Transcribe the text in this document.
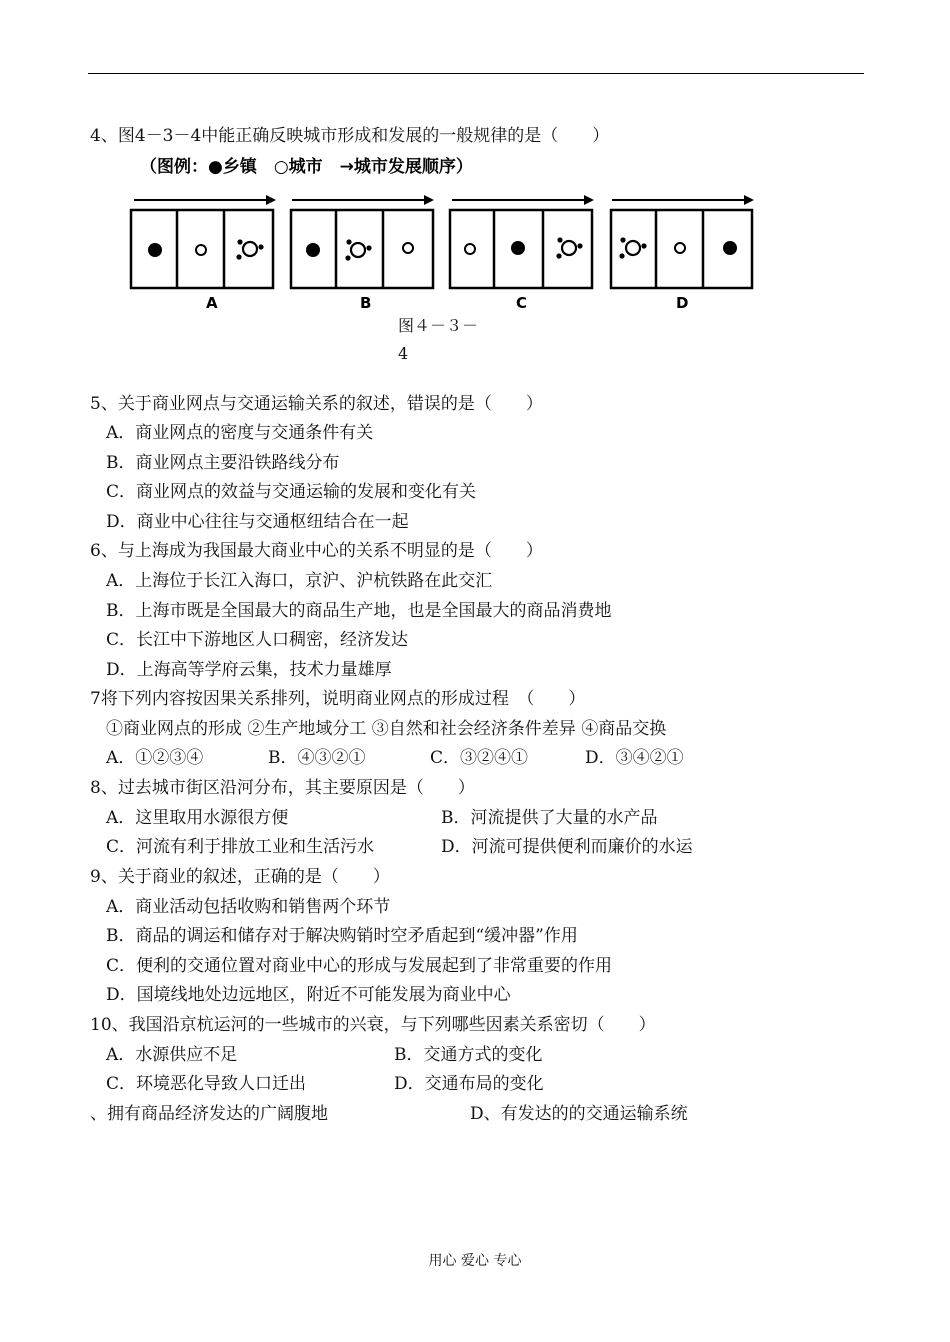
4、图4－3－4中能正确反映城市形成和发展的一般规律的是（　　）
（图例：●乡镇　○城市　→城市发展顺序）
A	B	C	D
图４－３－
4
5、关于商业网点与交通运输关系的叙述，错误的是（　　）
A．商业网点的密度与交通条件有关
B．商业网点主要沿铁路线分布
C．商业网点的效益与交通运输的发展和变化有关
D．商业中心往往与交通枢纽结合在一起
6、与上海成为我国最大商业中心的关系不明显的是（　　）
A．上海位于长江入海口，京沪、沪杭铁路在此交汇
B．上海市既是全国最大的商品生产地，也是全国最大的商品消费地
C．长江中下游地区人口稠密，经济发达
D．上海高等学府云集，技术力量雄厚
7将下列内容按因果关系排列，说明商业网点的形成过程　（　　）
①商业网点的形成 ②生产地域分工 ③自然和社会经济条件差异 ④商品交换
A．①②③④	B．④③②①	C．③②④①	D．③④②①
8、过去城市街区沿河分布，其主要原因是（　　）
A．这里取用水源很方便	B．河流提供了大量的水产品
C．河流有利于排放工业和生活污水	D．河流可提供便利而廉价的水运
9、关于商业的叙述，正确的是（　　）
A．商业活动包括收购和销售两个环节
B．商品的调运和储存对于解决购销时空矛盾起到“缓冲器”作用
C．便利的交通位置对商业中心的形成与发展起到了非常重要的作用
D．国境线地处边远地区，附近不可能发展为商业中心
10、我国沿京杭运河的一些城市的兴衰，与下列哪些因素关系密切（　　）
A．水源供应不足	B．交通方式的变化
C．环境恶化导致人口迁出	D．交通布局的变化
、拥有商品经济发达的广阔腹地	D、有发达的的交通运输系统
用心 爱心 专心
